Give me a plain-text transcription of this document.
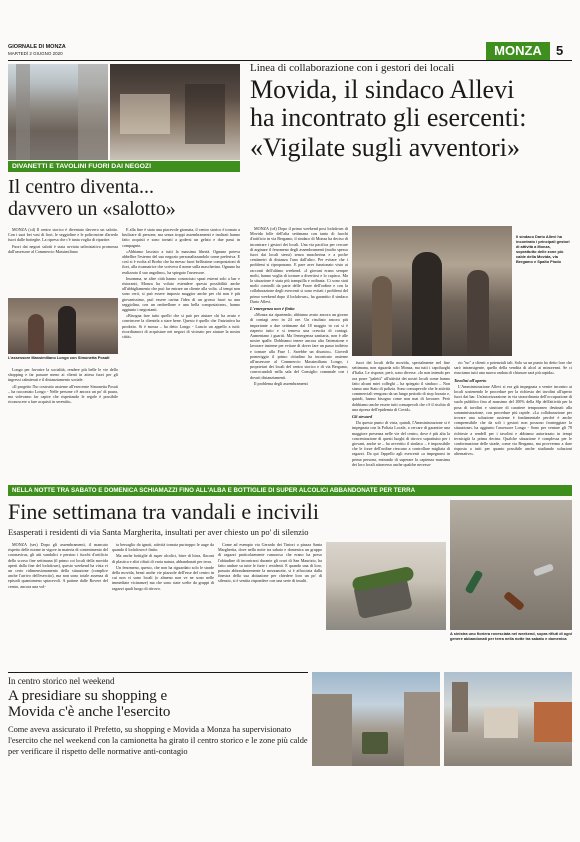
GIORNALE DI MONZA
MARTEDÌ 2 GIUGNO 2020	MONZA	5
DIVANETTI E TAVOLINI FUORI DAI NEGOZI
Il centro diventa...
davvero un «salotto»

MONZA (cd) Il centro storico è diventato davvero un salotto. Con i suoi bei vasi di fiori, le seggioline e le poltroncine d'arredo fuori dalle botteghe. La ripresa che c'è tanta voglia di ripartire.

Fuori dai negozi salotti è stata avviata un'iniziativa promossa dall'assessore al Commercio Massimiliano

L'assessore Massimiliano Longo con Simonetta Posati

Longo per favorire la socialità, rendere più belle le vie dello shopping e far passare meno ai clienti in attesa fuori per gli ingressi calmierati e il distanziamento sociale.

«Il progetto l'ho costruito assieme all'esercente Simonetta Posati – ha raccontato Longo - Nelle persone c'è ancora un po' di paura, ma volevamo far capire che rispettando le regole è possibile riconoscere a fare acquisti in serenità».

E alla fine è stata una piacevole giornata, il centro storico è tornato a brulicare di persone, ma senza troppi assembramenti e inoltrati hanno fatto acquisti e sono tornati a godersi un gelato e due passi in compagnia.

«Abbiamo lasciato a tutti la massima libertà. Ognuno poteva abbellire l'esterno del suo negozio personalizzandolo come preferiva. E così si è svolta al Borbo che ha messo fuori bellissime composizioni di fiori, alla ricamatrice che scriveva il nome sulla mascherina. Ognuno ha realizzato il suo angolino», ha spiegato l'assessore.

Insomma, se altre città hanno conosciuto spazi esterni solo a bar e ristoranti, Monza ha voluto estendere questa possibilità anche all'abbigliamento che può far entrare un cliente alla volta. «I tempi non sono certi, si può essere imposto maggior anche per chi non è più giovanissimo, può essere carina l'idea di un grosso fuori su una seggiolina, con un ombrellone e una bella composizione», hanno aggiunto i negozianti.

«Bisogna fare tutto quello che si può per aiutare chi ha avuto e convincere la clientela a stare bene. Questo è quello che l'iniziativa ha prodotto. Si è mossa – ha detto Longo - Lancio un appello a tutti: ricordiamoci di acquistare nei negozi di vicinato per aiutare la nostra città».

Linea di collaborazione con i gestori dei locali
Movida, il sindaco Allevi
ha incontrato gli esercenti:
«Vigilate sugli avventori»

MONZA (cd) Dopo il primo weekend post lockdown di Movida folle dell'alta settimana con tanto di fuochi d'artificio in via Bergamo, il sindaco di Monza ha deciso di incontrare i gestori dei locali. Una via pacifica per cercare di arginare il fenomeno degli assembramenti (molto spesso fuori dai locali stessi) senza mascherina e a poche centimetri di distanza l'uno dall'altro. Per evitare che i problemi si riproponano. E pare aver funzionato visto ai racconti dell'ultimo weekend. «I giovani erano sempre molti, hanno voglia di tornare a divertirsi e lo capisco. Ma la situazione è stata più tranquilla e ordinata. Ci sono stati molti controlli da parte delle Forze dell'ordine e con la collaborazione degli esercenti si sono evitati i problemi del primo weekend dopo il lockdown», ha garantito il sindaco Dario Allevi.

L'emergenza non è finita

«Monza sta ripartendo, abbiamo avuto ancora un giorno di contagi zero in 24 ore. Un risultato ancora più importante a due settimane dal 18 maggio in cui si è riaperto tutto e si temeva una crescita di contagi. Aumentano i guariti. Ma l'emergenza sanitaria, non è alle nostre spalle. Dobbiamo tenere ancora alta l'attenzione e lavorare insieme per evitare di dover fare un passo indietro e tornare alla Fase 1. Sarebbe un disastro». Giovedì pomeriggio il primo cittadino ha incontrato assieme all'assessore al Commercio Massimiliano Longo, i proprietari dei locali del centro storico e di via Bergamo, convocandoli nella sala del Consiglio comunale con i dovuti distanziamenti.

Il problema degli assembramenti

fuori dei locali della movida, specialmente nel fine settimana, non riguarda solo Monza, ma tutti i capoluoghi d'Italia. Le risposte, però, sono diverse. «Io non intendo per ora porre "paletti" all'attività dei nostri locali come hanno fatto alcuni miei colleghi – ha spiegato il sindaco – Non siamo uno Stato di polizia. Sono consapevole che le attività commerciali vengono da un lungo periodo di stop forzato e, quindi, hanno bisogno come non mai di lavorare. Però dobbiamo anche essere tutti consapevoli che c'è il rischio di una ripresa dell'epidemia di Covid».

Gli steward

Da questo punto di vista, quindi, l'Amministrazione si è impegnata con la Polizia Locale, a cercare di garantire una maggiore presenza nelle vie del centro, dove è più alta la concentrazione di questi luoghi di ritrovo soprattutto per i giovani, anche se – ha avvertito il sindaco – è impossibile che le forze dell'ordine riescano a controllare migliaia di ragazzi. Da qui l'appello agli esercenti «a impegnarsi in prima persona, entrando di superare la capienza massima dei loro locali attraverso anche qualche necessa-

rio "no" a clienti o potenziali tali. Solo su un punto ho detto loro che sarò intransigente, quello della vendita di alcol ai minorenni. Se ci riusciamo tutti una nuova ondata di chiusure sarà più rapida».

Tavolini all'aperto

L'Amministrazione Allevi si era già impegnata a venire incontro ai locali sostenendo le procedure per la richiesta dei tavolini all'aperto fuori dai bar. Un'autorizzazione in via straordinaria dell'occupazione di suolo pubblico fino al massimo del 100% della Slp dell'attività per la posa di tavolini e strutture di carattere temporaneo destinati alla somministrazione, con procedure più rapide. «La collaborazione per trovare una soluzione assieme è fondamentale perché è anche comprensibile che da soli i gestori non possono fronteggiare la situazione» ha aggiunto l'assessore Longo - Sono per ventare gli 78 richieste a rendell per i tavolini e abbiamo autorizzato in tempi tecnicigià la prima decina. Qualche situazione è complessa per le conformazione delle strade, come via Bergamo, ma provvermo a dare risposta a tutti per quanto possibile anche studiando soluzioni alternative».

Il sindaco Dario Allevi ha incontrato i principali gestori di attività a Monza, soprattutto delle zone più calde della Movida, via Bergamo e Spalto Piodo
NELLA NOTTE TRA SABATO E DOMENICA SCHIAMAZZI FINO ALL'ALBA E BOTTIGLIE DI SUPER ALCOLICI ABBANDONATE PER TERRA
Fine settimana tra vandali e incivili
Esasperati i residenti di via Santa Margherita, insultati per aver chiesto un po' di silenzio

MONZA (ses) Dopo gli assembramenti, il mancato rispetto delle norme in vigore in materia di contenimento del coronavirus, gli atti vandalici e persino i fuochi d'artificio dello scorso fine settimana (il primo coi locali della movida aperti dalla fine del lockdown), questo weekend ha vista vi un certo ridimensionamento della situazione (complice anche l'arrivo dell'esercito), ma non sono totale assenza di episodi quantomeno spiacevoli. A patirne dalle Rovere del centro, ancora una vol-

ta bersaglio da ignoti, attività tornata purtroppo le auge da quando il lockdown è finito.

Ma anche bottiglie di super alcolici, birre di birra, flaconi di plastica e altri rifiuti di varia natura, abbandonati per terra.

Un fenomeno, questo, che non ha riguardato solo le strade della movida, bensì anche vie piazzole dell'esse del centro in cui non vi sono locali (o almeno non ve ne sono nelle immediate vicinanze) ma che sono state scelte da gruppi di ragazzi quali luogo di ritrovo.

Come ad esempio via Gerardo dei Tintori o piazza Santa Margherita, dove nella notte tra sabato e domenica un gruppo di ragazzi particolarmente rumoroso che erano ha preso l'abitudine di incontrarsi durante gli orari di San Maurizio, ha fatto andare su tutte le furie i residenti. E quando una di loro, passata abbondantemente la mezzanotte, si è affacciata dalla finestra della sua abitazione per chiedere loro un po' di silenzio, si è sentita rispondere con una serie di insulti.

A sinistra uno fioriera rovesciata nel weekend, sopra rifiuti di ogni genere abbandonati per terra nella notte tra sabato e domenica
In centro storico nel weekend
A presidiare su shopping e
Movida c'è anche l'esercito
Come aveva assicurato il Prefetto, su shopping e Movida a Monza ha supervisionato l'esercito che nel weekend con la camionetta ha girato il centro storico e le zone più calde per verificare il rispetto delle normative anti-contagio
